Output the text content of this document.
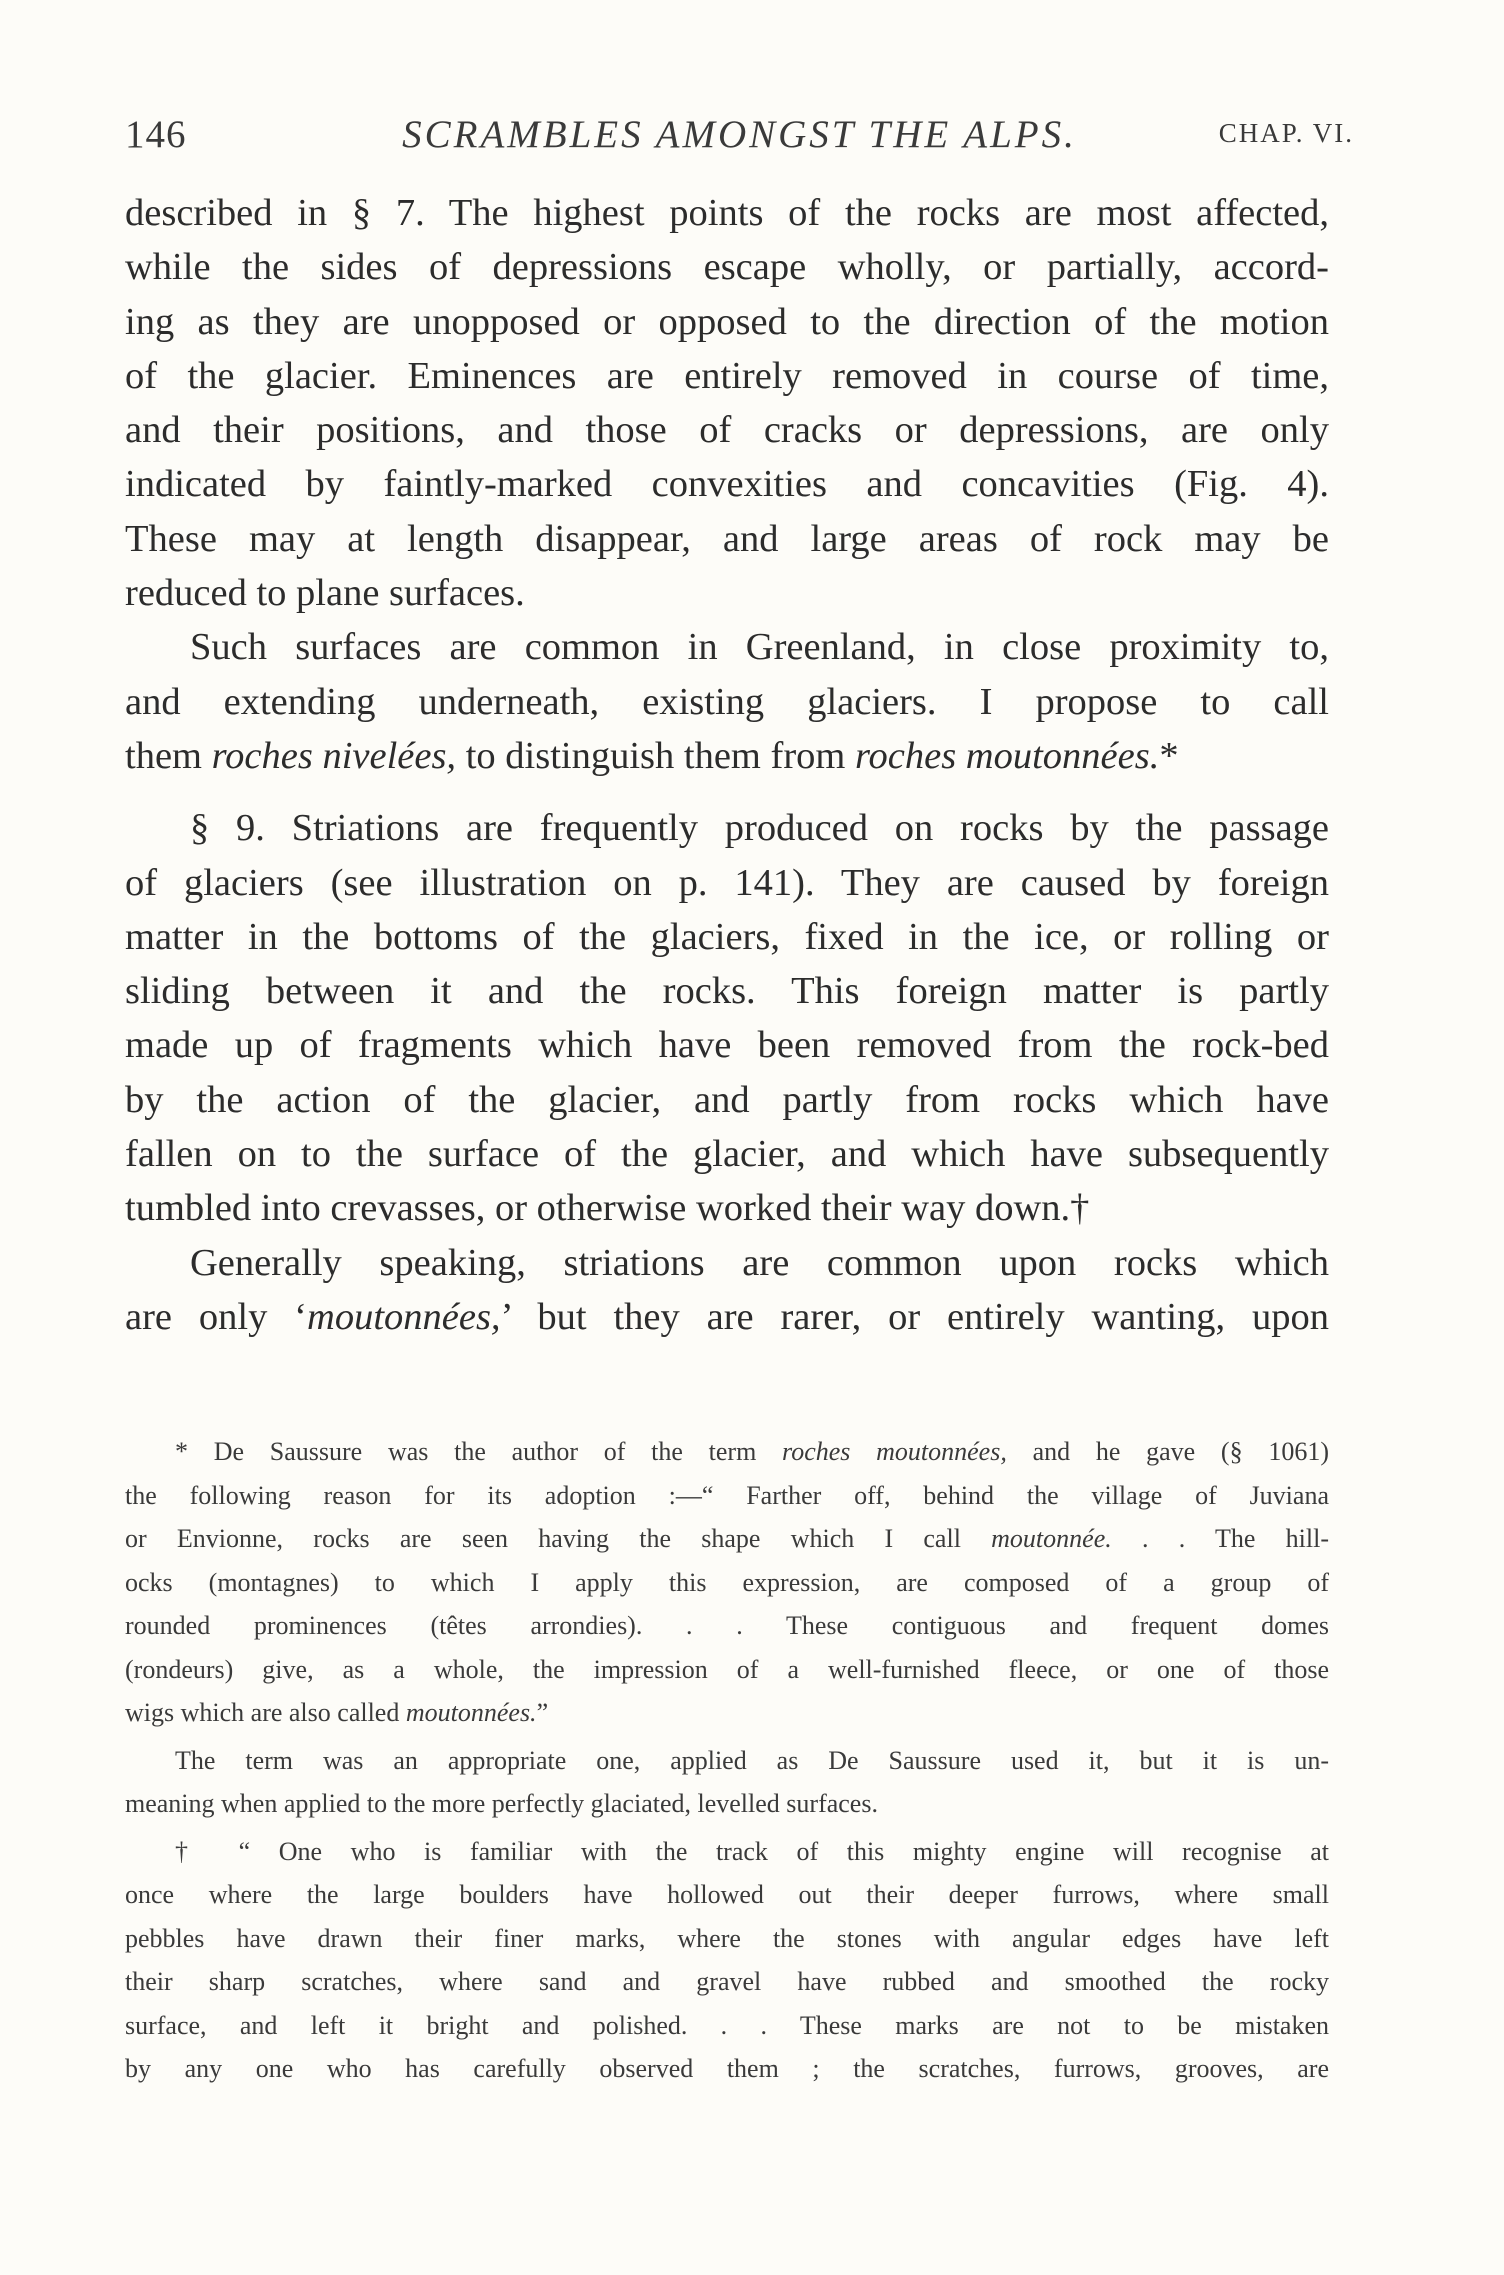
146	SCRAMBLES AMONGST THE ALPS.	CHAP. VI.

described in § 7. The highest points of the rocks are most affected,

while the sides of depressions escape wholly, or partially, accord-

ing as they are unopposed or opposed to the direction of the motion

of the glacier. Eminences are entirely removed in course of time,

and their positions, and those of cracks or depressions, are only

indicated by faintly-marked convexities and concavities (Fig. 4).

These may at length disappear, and large areas of rock may be

reduced to plane surfaces.

Such surfaces are common in Greenland, in close proximity to,

and extending underneath, existing glaciers. I propose to call

them roches nivelées, to distinguish them from roches moutonnées.*

§ 9. Striations are frequently produced on rocks by the passage

of glaciers (see illustration on p. 141). They are caused by foreign

matter in the bottoms of the glaciers, fixed in the ice, or rolling or

sliding between it and the rocks. This foreign matter is partly

made up of fragments which have been removed from the rock-bed

by the action of the glacier, and partly from rocks which have

fallen on to the surface of the glacier, and which have subsequently

tumbled into crevasses, or otherwise worked their way down.†

Generally speaking, striations are common upon rocks which

are only ‘moutonnées,’ but they are rarer, or entirely wanting, upon

* De Saussure was the author of the term roches moutonnées, and he gave (§ 1061)

the following reason for its adoption :—“ Farther off, behind the village of Juviana

or Envionne, rocks are seen having the shape which I call moutonnée. . . The hill-

ocks (montagnes) to which I apply this expression, are composed of a group of

rounded prominences (têtes arrondies). . . These contiguous and frequent domes

(rondeurs) give, as a whole, the impression of a well-furnished fleece, or one of those

wigs which are also called moutonnées.”

The term was an appropriate one, applied as De Saussure used it, but it is un-

meaning when applied to the more perfectly glaciated, levelled surfaces.

† “ One who is familiar with the track of this mighty engine will recognise at

once where the large boulders have hollowed out their deeper furrows, where small

pebbles have drawn their finer marks, where the stones with angular edges have left

their sharp scratches, where sand and gravel have rubbed and smoothed the rocky

surface, and left it bright and polished. . . These marks are not to be mistaken

by any one who has carefully observed them ; the scratches, furrows, grooves, are
